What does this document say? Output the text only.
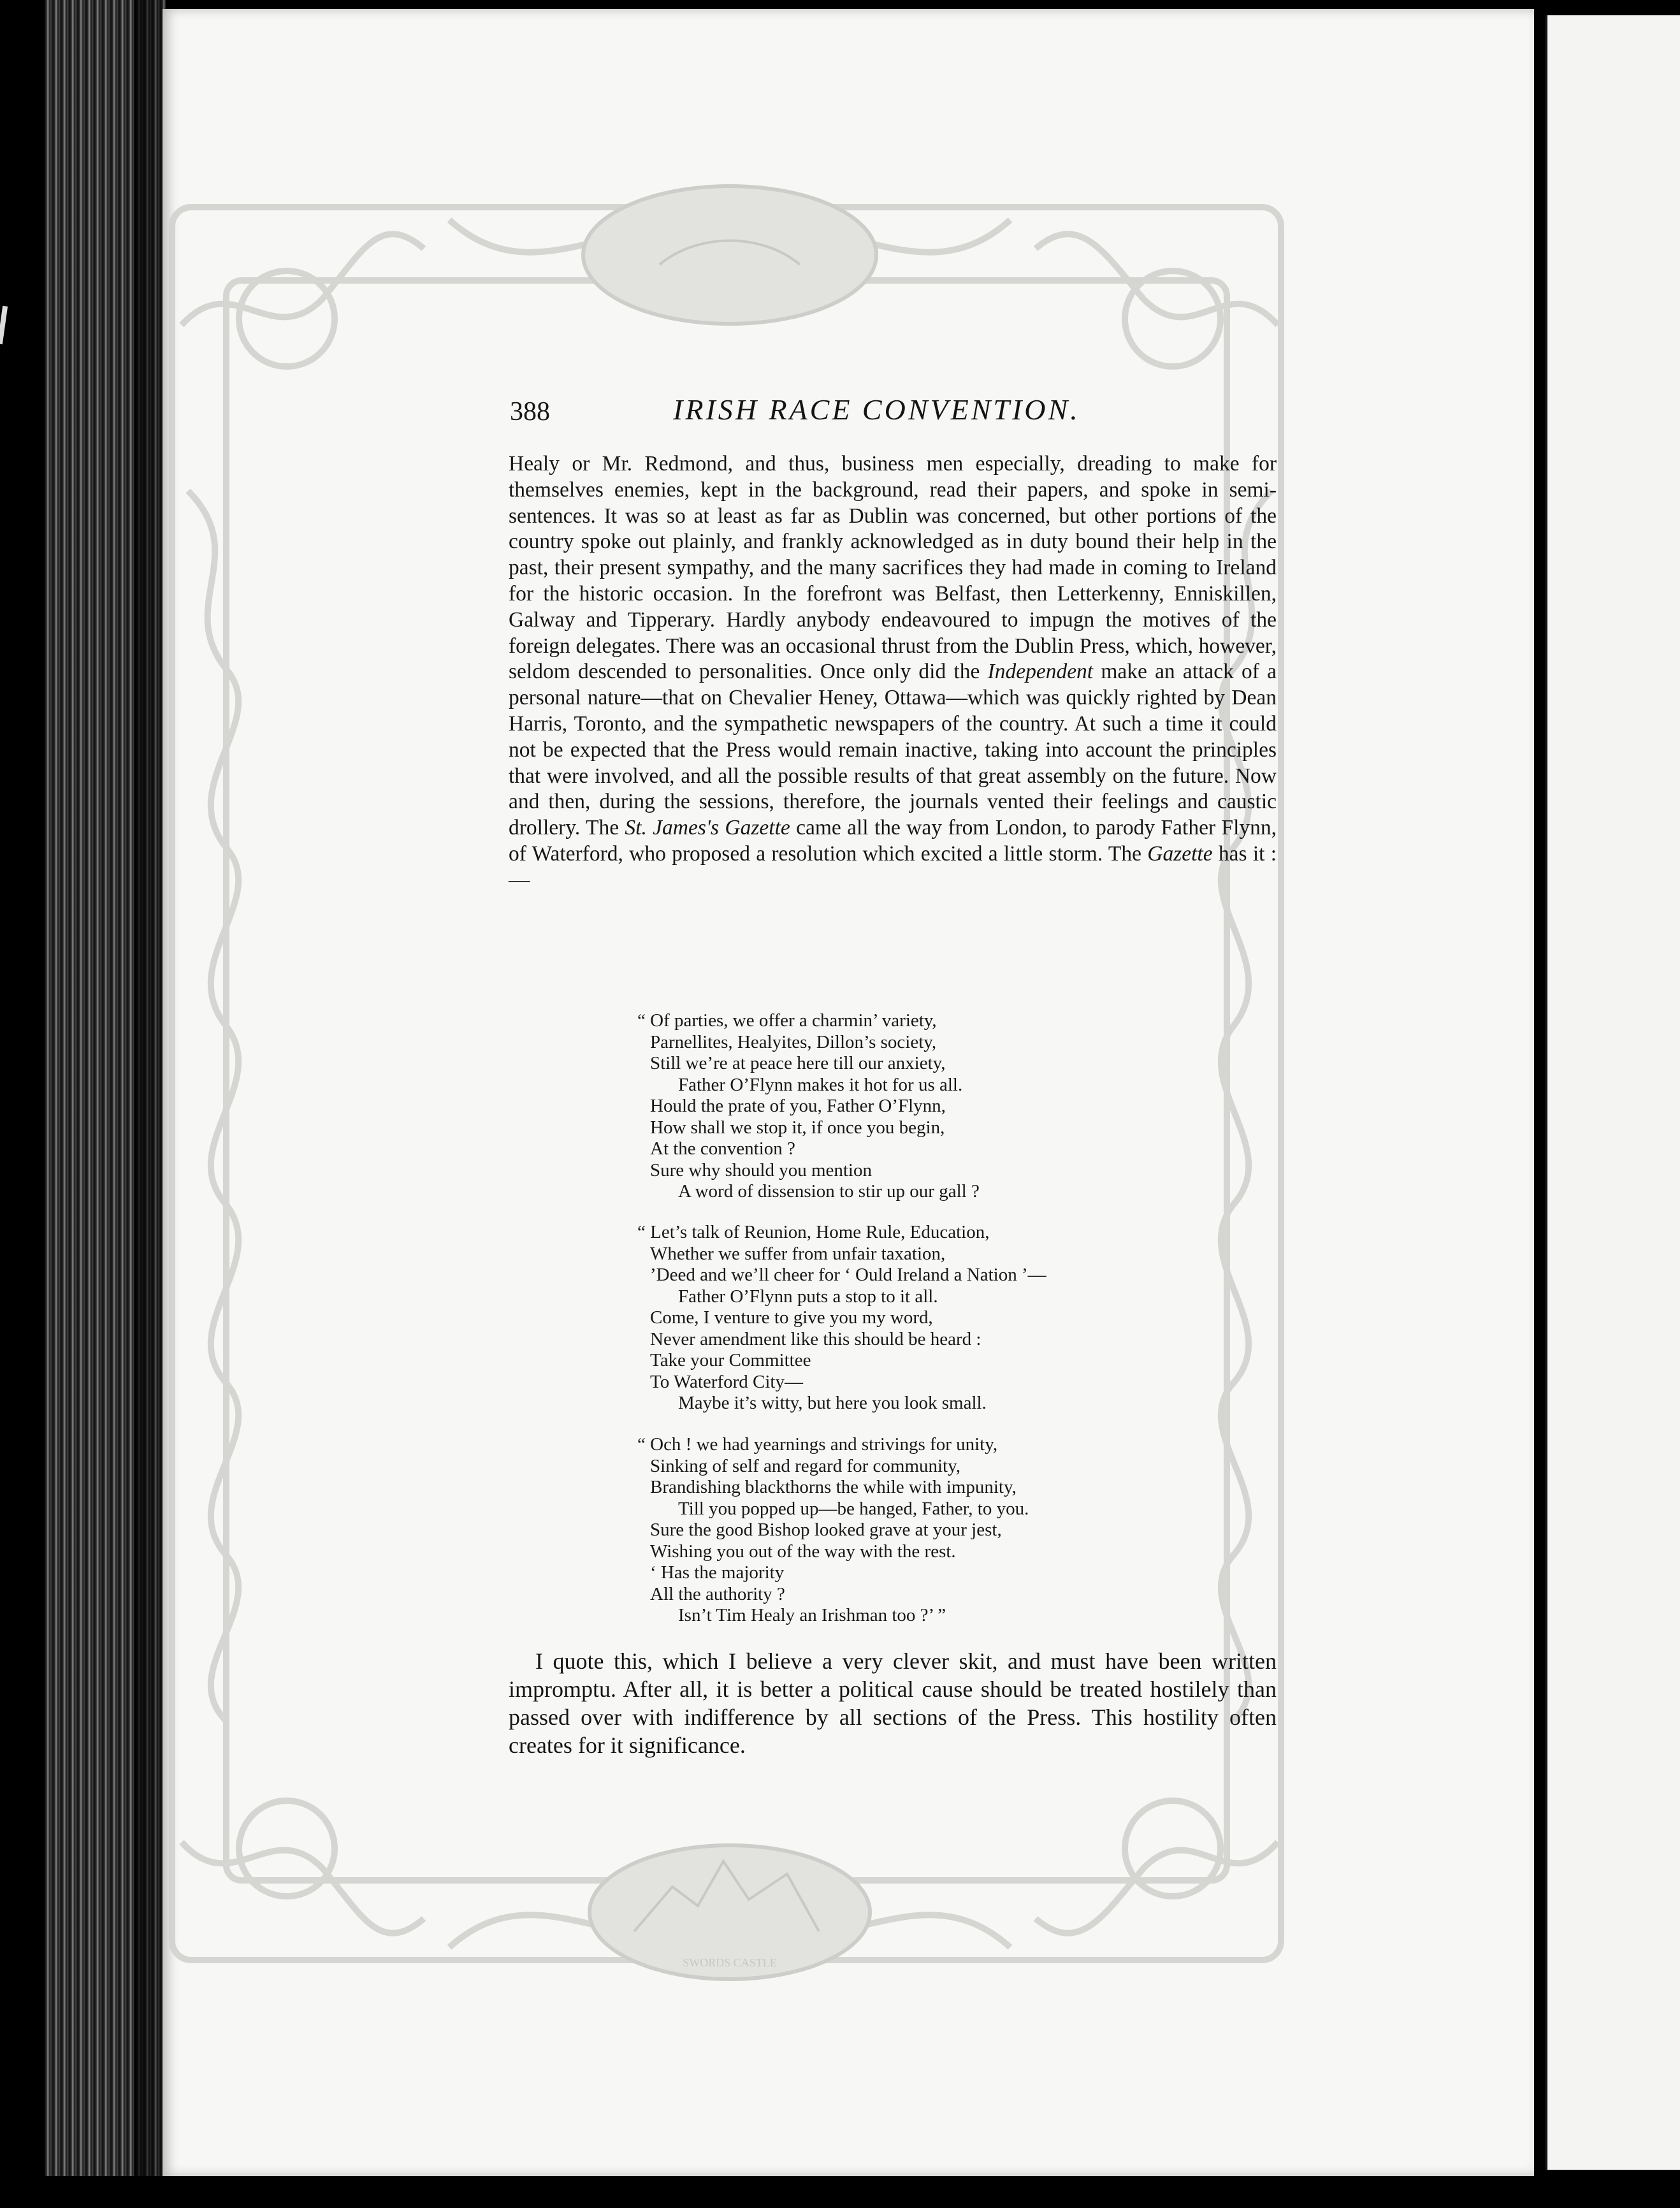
SWORDS CASTLE
388	IRISH RACE CONVENTION.

Healy or Mr. Redmond, and thus, business men especially, dreading to make for themselves enemies, kept in the background, read their papers, and spoke in semi-sentences. It was so at least as far as Dublin was concerned, but other portions of the country spoke out plainly, and frankly acknowledged as in duty bound their help in the past, their present sympathy, and the many sacrifices they had made in coming to Ireland for the historic occasion. In the forefront was Belfast, then Letterkenny, Enniskillen, Galway and Tipperary. Hardly anybody endeavoured to impugn the motives of the foreign delegates. There was an occasional thrust from the Dublin Press, which, however, seldom descended to personalities. Once only did the Independent make an attack of a personal nature—that on Chevalier Heney, Ottawa—which was quickly righted by Dean Harris, Toronto, and the sympathetic newspapers of the country. At such a time it could not be expected that the Press would remain inactive, taking into account the principles that were involved, and all the possible results of that great assembly on the future. Now and then, during the sessions, therefore, the journals vented their feelings and caustic drollery. The St. James's Gazette came all the way from London, to parody Father Flynn, of Waterford, who proposed a resolution which excited a little storm. The Gazette has it :—

“ Of parties, we offer a charmin’ variety,
Parnellites, Healyites, Dillon’s society,
Still we’re at peace here till our anxiety,
Father O’Flynn makes it hot for us all.
Hould the prate of you, Father O’Flynn,
How shall we stop it, if once you begin,
At the convention ?
Sure why should you mention
A word of dissension to stir up our gall ?
“ Let’s talk of Reunion, Home Rule, Education,
Whether we suffer from unfair taxation,
’Deed and we’ll cheer for ‘ Ould Ireland a Nation ’—
Father O’Flynn puts a stop to it all.
Come, I venture to give you my word,
Never amendment like this should be heard :
Take your Committee
To Waterford City—
Maybe it’s witty, but here you look small.
“ Och ! we had yearnings and strivings for unity,
Sinking of self and regard for community,
Brandishing blackthorns the while with impunity,
Till you popped up—be hanged, Father, to you.
Sure the good Bishop looked grave at your jest,
Wishing you out of the way with the rest.
‘ Has the majority
All the authority ?
Isn’t Tim Healy an Irishman too ?’ ”

I quote this, which I believe a very clever skit, and must have been written impromptu. After all, it is better a political cause should be treated hostilely than passed over with indifference by all sections of the Press. This hostility often creates for it significance.
